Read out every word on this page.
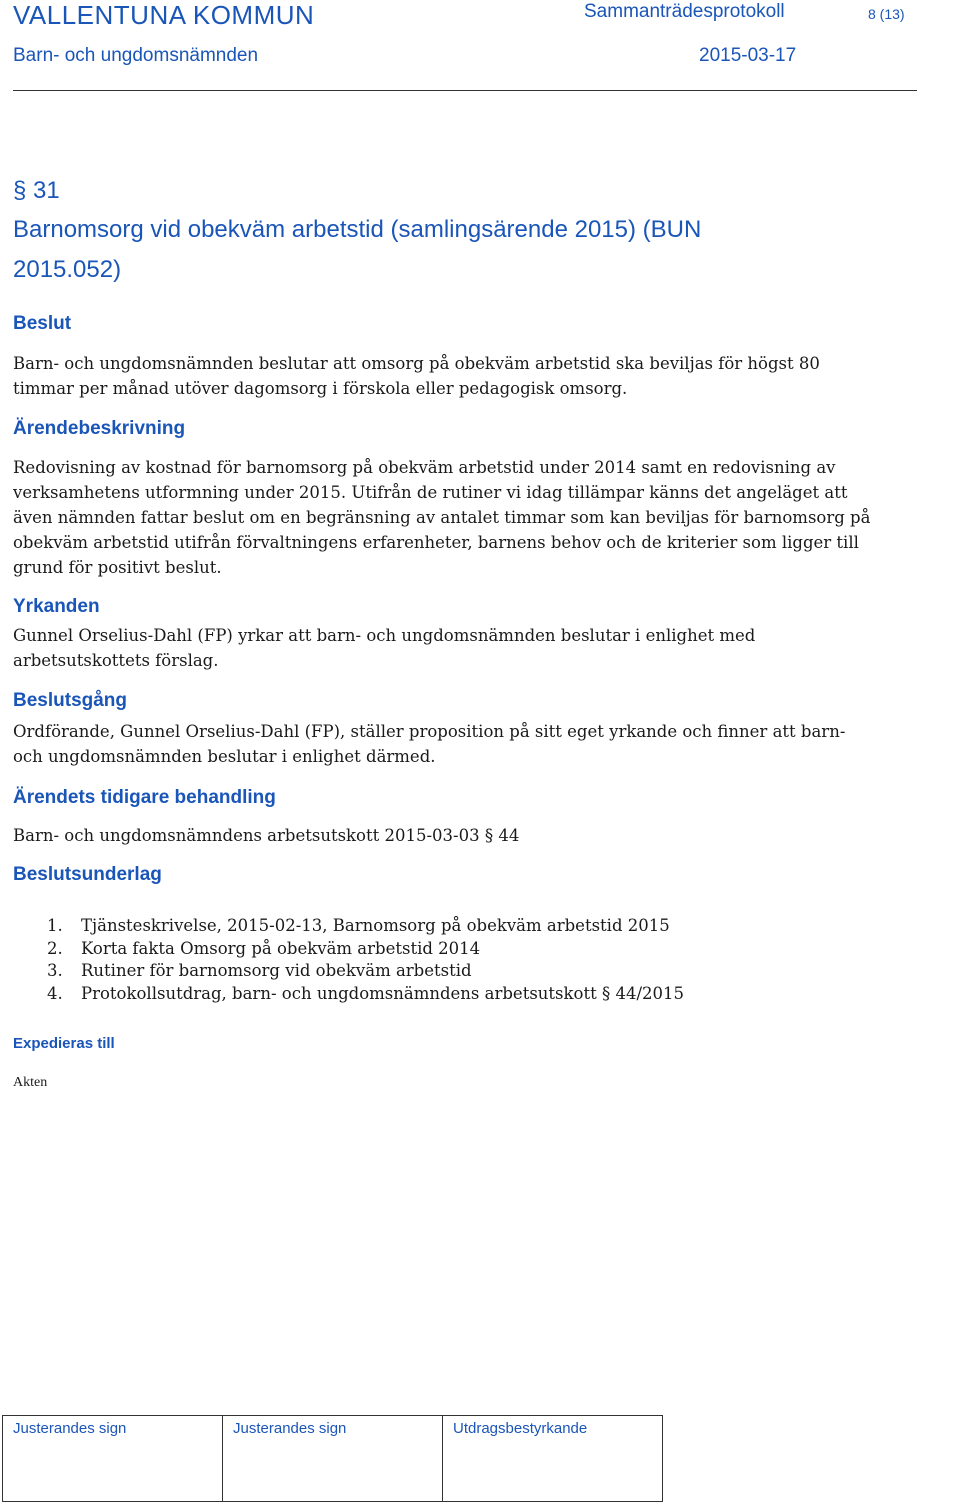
VALLENTUNA KOMMUN	Sammanträdesprotokoll	8 (13)
Barn- och ungdomsnämnden	2015-03-17
§ 31
Barnomsorg vid obekväm arbetstid (samlingsärende 2015) (BUN
2015.052)
Beslut
Barn- och ungdomsnämnden beslutar att omsorg på obekväm arbetstid ska beviljas för högst 80
timmar per månad utöver dagomsorg i förskola eller pedagogisk omsorg.
Ärendebeskrivning
Redovisning av kostnad för barnomsorg på obekväm arbetstid under 2014 samt en redovisning av
verksamhetens utformning under 2015. Utifrån de rutiner vi idag tillämpar känns det angeläget att
även nämnden fattar beslut om en begränsning av antalet timmar som kan beviljas för barnomsorg på
obekväm arbetstid utifrån förvaltningens erfarenheter, barnens behov och de kriterier som ligger till
grund för positivt beslut.
Yrkanden
Gunnel Orselius-Dahl (FP) yrkar att barn- och ungdomsnämnden beslutar i enlighet med
arbetsutskottets förslag.
Beslutsgång
Ordförande, Gunnel Orselius-Dahl (FP), ställer proposition på sitt eget yrkande och finner att barn-
och ungdomsnämnden beslutar i enlighet därmed.
Ärendets tidigare behandling
Barn- och ungdomsnämndens arbetsutskott 2015-03-03 § 44
Beslutsunderlag
1. Tjänsteskrivelse, 2015-02-13, Barnomsorg på obekväm arbetstid 2015
2. Korta fakta Omsorg på obekväm arbetstid 2014
3. Rutiner för barnomsorg vid obekväm arbetstid
4. Protokollsutdrag, barn- och ungdomsnämndens arbetsutskott § 44/2015
Expedieras till
Akten
Justerandes sign	Justerandes sign	Utdragsbestyrkande
